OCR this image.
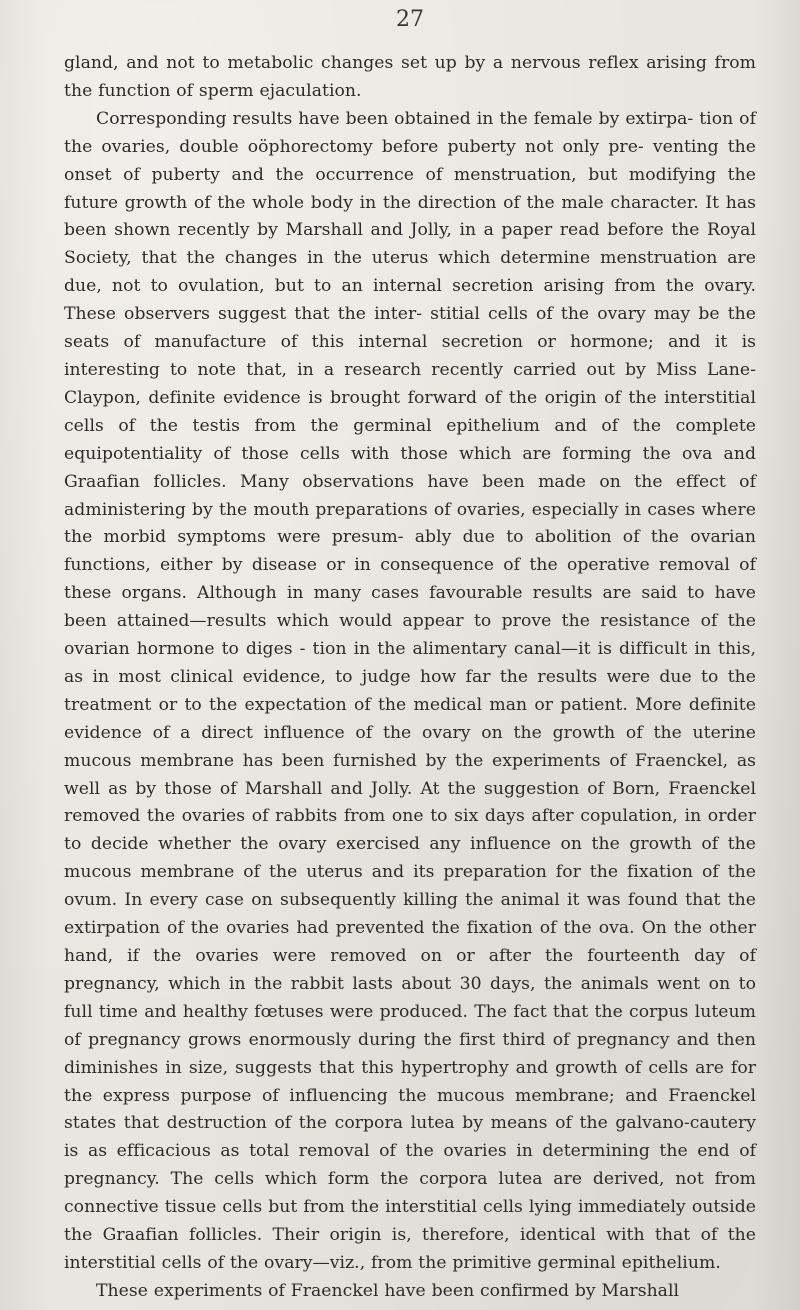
27

gland, and not to metabolic changes set up by a nervous reflex arising from the function of sperm ejaculation.

Corresponding results have been obtained in the female by extirpa- tion of the ovaries, double oöphorectomy before puberty not only pre- venting the onset of puberty and the occurrence of menstruation, but modifying the future growth of the whole body in the direction of the male character. It has been shown recently by Marshall and Jolly, in a paper read before the Royal Society, that the changes in the uterus which determine menstruation are due, not to ovulation, but to an internal secretion arising from the ovary. These observers suggest that the inter- stitial cells of the ovary may be the seats of manufacture of this internal secretion or hormone; and it is interesting to note that, in a research recently carried out by Miss Lane-Claypon, definite evidence is brought forward of the origin of the interstitial cells of the testis from the germinal epithelium and of the complete equipotentiality of those cells with those which are forming the ova and Graafian follicles. Many observations have been made on the effect of administering by the mouth preparations of ovaries, especially in cases where the morbid symptoms were presum- ably due to abolition of the ovarian functions, either by disease or in consequence of the operative removal of these organs. Although in many cases favourable results are said to have been attained—results which would appear to prove the resistance of the ovarian hormone to diges - tion in the alimentary canal—it is difficult in this, as in most clinical evidence, to judge how far the results were due to the treatment or to the expectation of the medical man or patient. More definite evidence of a direct influence of the ovary on the growth of the uterine mucous membrane has been furnished by the experiments of Fraenckel, as well as by those of Marshall and Jolly. At the suggestion of Born, Fraenckel removed the ovaries of rabbits from one to six days after copulation, in order to decide whether the ovary exercised any influence on the growth of the mucous membrane of the uterus and its preparation for the fixation of the ovum. In every case on subsequently killing the animal it was found that the extirpation of the ovaries had prevented the fixation of the ova. On the other hand, if the ovaries were removed on or after the fourteenth day of pregnancy, which in the rabbit lasts about 30 days, the animals went on to full time and healthy fœtuses were produced. The fact that the corpus luteum of pregnancy grows enormously during the first third of pregnancy and then diminishes in size, suggests that this hypertrophy and growth of cells are for the express purpose of influencing the mucous membrane; and Fraenckel states that destruction of the corpora lutea by means of the galvano-cautery is as efficacious as total removal of the ovaries in determining the end of pregnancy. The cells which form the corpora lutea are derived, not from connective tissue cells but from the interstitial cells lying immediately outside the Graafian follicles. Their origin is, therefore, identical with that of the interstitial cells of the ovary—viz., from the primitive germinal epithelium.

These experiments of Fraenckel have been confirmed by Marshall
